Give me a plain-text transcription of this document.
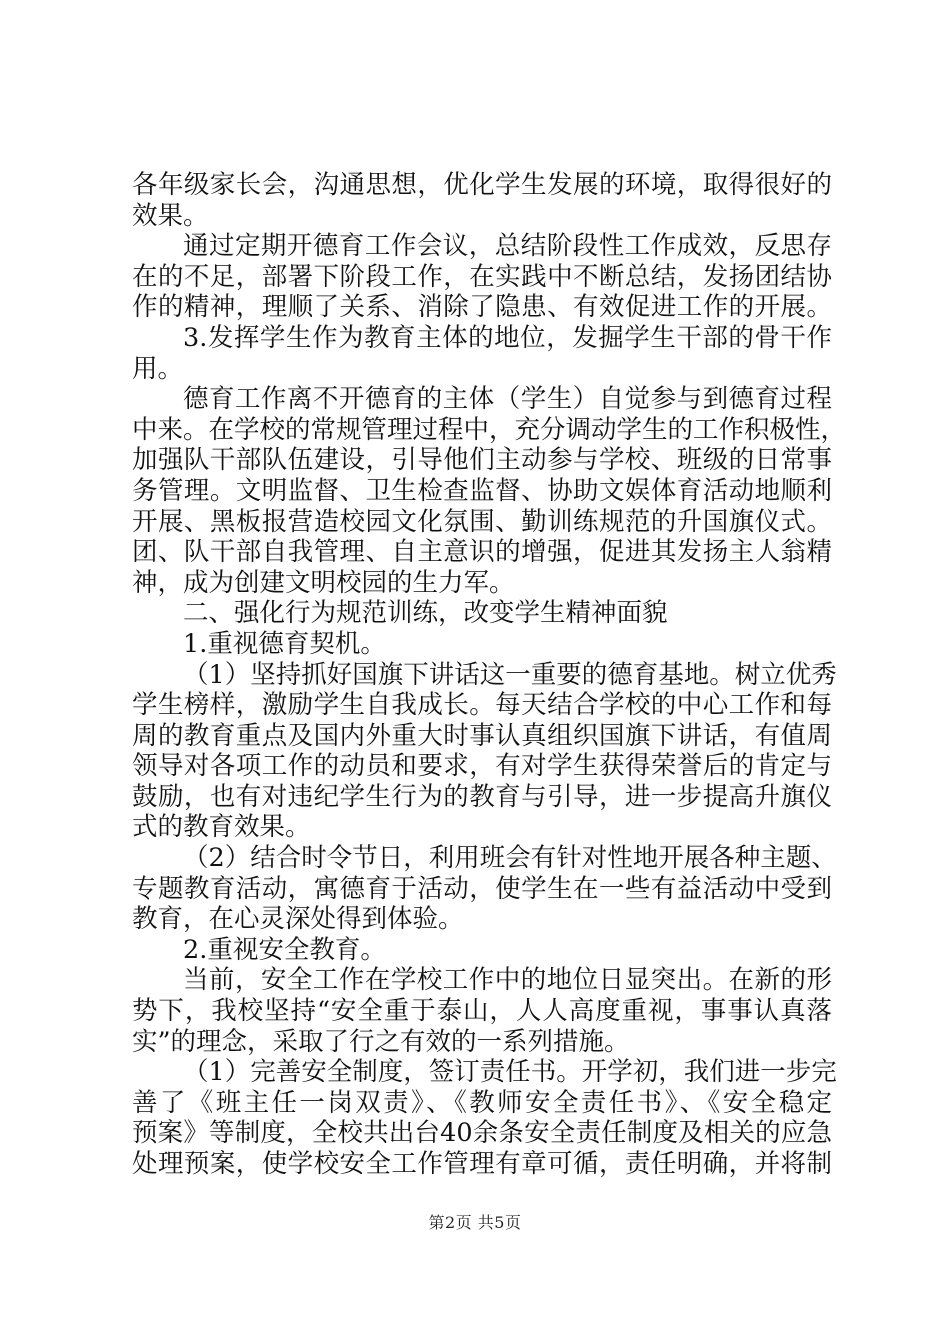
各年级家长会，沟通思想，优化学生发展的环境，取得很好的
效果。
通过定期开德育工作会议，总结阶段性工作成效，反思存
在的不足，部署下阶段工作，在实践中不断总结，发扬团结协
作的精神，理顺了关系、消除了隐患、有效促进工作的开展。
3.发挥学生作为教育主体的地位，发掘学生干部的骨干作
用。
德育工作离不开德育的主体（学生）自觉参与到德育过程
中来。在学校的常规管理过程中，充分调动学生的工作积极性，
加强队干部队伍建设，引导他们主动参与学校、班级的日常事
务管理。文明监督、卫生检查监督、协助文娱体育活动地顺利
开展、黑板报营造校园文化氛围、勤训练规范的升国旗仪式。
团、队干部自我管理、自主意识的增强，促进其发扬主人翁精
神，成为创建文明校园的生力军。
二、强化行为规范训练，改变学生精神面貌
1.重视德育契机。
（1）坚持抓好国旗下讲话这一重要的德育基地。树立优秀
学生榜样，激励学生自我成长。每天结合学校的中心工作和每
周的教育重点及国内外重大时事认真组织国旗下讲话，有值周
领导对各项工作的动员和要求，有对学生获得荣誉后的肯定与
鼓励，也有对违纪学生行为的教育与引导，进一步提高升旗仪
式的教育效果。
（2）结合时令节日，利用班会有针对性地开展各种主题、
专题教育活动，寓德育于活动，使学生在一些有益活动中受到
教育，在心灵深处得到体验。
2.重视安全教育。
当前，安全工作在学校工作中的地位日显突出。在新的形
势下，我校坚持“安全重于泰山，人人高度重视，事事认真落
实”的理念，采取了行之有效的一系列措施。
（1）完善安全制度，签订责任书。开学初，我们进一步完
善了《班主任一岗双责》、《教师安全责任书》、《安全稳定
预案》等制度，全校共出台40余条安全责任制度及相关的应急
处理预案，使学校安全工作管理有章可循，责任明确，并将制
第2页 共5页
